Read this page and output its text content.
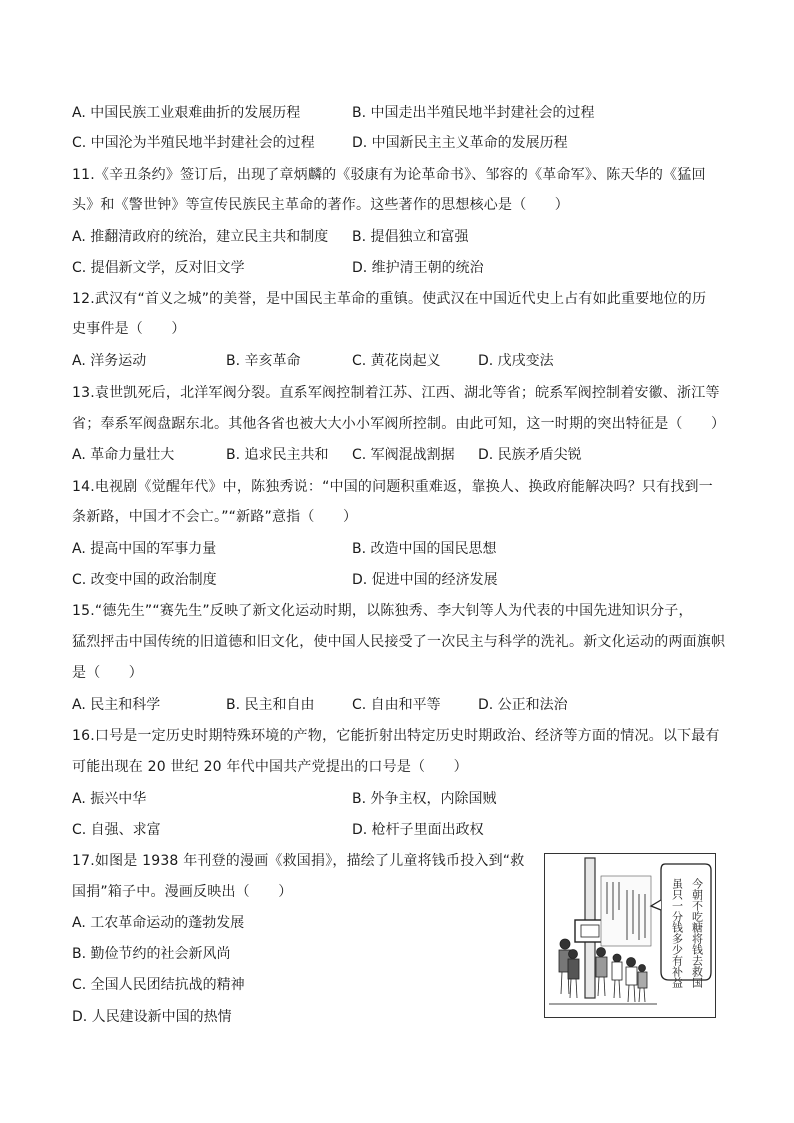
A. 中国民族工业艰难曲折的发展历程	B. 中国走出半殖民地半封建社会的过程
C. 中国沦为半殖民地半封建社会的过程	D. 中国新民主主义革命的发展历程
11.《辛丑条约》签订后，出现了章炳麟的《驳康有为论革命书》、邹容的《革命军》、陈天华的《猛回
头》和《警世钟》等宣传民族民主革命的著作。这些著作的思想核心是（　　）
A. 推翻清政府的统治，建立民主共和制度 B. 提倡独立和富强
C. 提倡新文学，反对旧文学	D. 维护清王朝的统治
12.武汉有“首义之城”的美誉，是中国民主革命的重镇。使武汉在中国近代史上占有如此重要地位的历
史事件是（　　）
A. 洋务运动	B. 辛亥革命	C. 黄花岗起义	D. 戊戌变法
13.袁世凯死后，北洋军阀分裂。直系军阀控制着江苏、江西、湖北等省；皖系军阀控制着安徽、浙江等
省；奉系军阀盘踞东北。其他各省也被大大小小军阀所控制。由此可知，这一时期的突出特征是（　　）
A. 革命力量壮大	B. 追求民主共和 C. 军阀混战割据 D. 民族矛盾尖锐
14.电视剧《觉醒年代》中，陈独秀说：“中国的问题积重难返，靠换人、换政府能解决吗？只有找到一
条新路，中国才不会亡。”“新路”意指（　　）
A. 提高中国的军事力量	B. 改造中国的国民思想
C. 改变中国的政治制度	D. 促进中国的经济发展
15.“德先生”“赛先生”反映了新文化运动时期，以陈独秀、李大钊等人为代表的中国先进知识分子，
猛烈抨击中国传统的旧道德和旧文化，使中国人民接受了一次民主与科学的洗礼。新文化运动的两面旗帜
是（　　）
A. 民主和科学	B. 民主和自由	C. 自由和平等	D. 公正和法治
16.口号是一定历史时期特殊环境的产物，它能折射出特定历史时期政治、经济等方面的情况。以下最有
可能出现在 20 世纪 20 年代中国共产党提出的口号是（　　）
A. 振兴中华	B. 外争主权，内除国贼
C. 自强、求富	D. 枪杆子里面出政权
17.如图是 1938 年刊登的漫画《救国捐》，描绘了儿童将钱币投入到“救
国捐”箱子中。漫画反映出（　　）
A. 工农革命运动的蓬勃发展
B. 勤俭节约的社会新风尚
C. 全国人民团结抗战的精神
D. 人民建设新中国的热情
今朝不吃糖将钱去救国
虽只一分钱多少有补益
